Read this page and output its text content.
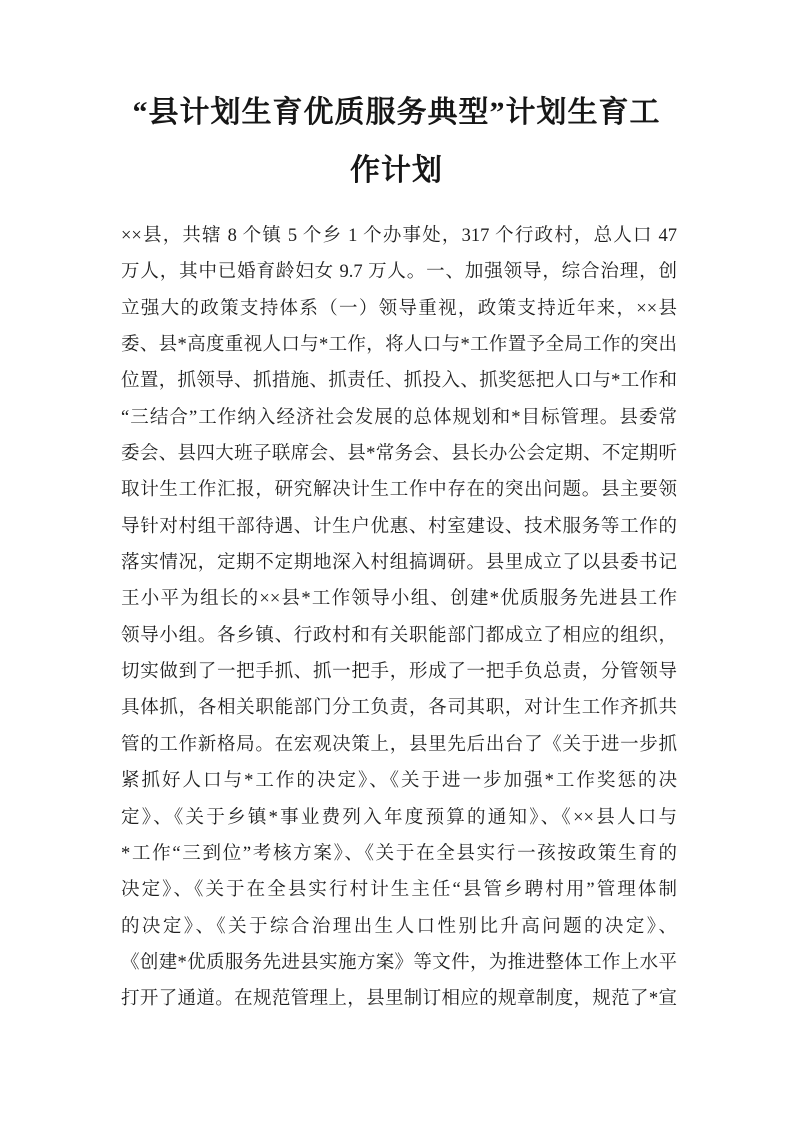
“县计划生育优质服务典型”计划生育工
作计划
××县，共辖 8 个镇 5 个乡 1 个办事处，317 个行政村，总人口 47
万人，其中已婚育龄妇女 9.7 万人。一、加强领导，综合治理，创
立强大的政策支持体系（一）领导重视，政策支持近年来，××县
委、县*高度重视人口与*工作，将人口与*工作置予全局工作的突出
位置，抓领导、抓措施、抓责任、抓投入、抓奖惩把人口与*工作和
“三结合”工作纳入经济社会发展的总体规划和*目标管理。县委常
委会、县四大班子联席会、县*常务会、县长办公会定期、不定期听
取计生工作汇报，研究解决计生工作中存在的突出问题。县主要领
导针对村组干部待遇、计生户优惠、村室建设、技术服务等工作的
落实情况，定期不定期地深入村组搞调研。县里成立了以县委书记
王小平为组长的××县*工作领导小组、创建*优质服务先进县工作
领导小组。各乡镇、行政村和有关职能部门都成立了相应的组织，
切实做到了一把手抓、抓一把手，形成了一把手负总责，分管领导
具体抓，各相关职能部门分工负责，各司其职，对计生工作齐抓共
管的工作新格局。在宏观决策上，县里先后出台了《关于进一步抓
紧抓好人口与*工作的决定》、《关于进一步加强*工作奖惩的决
定》、《关于乡镇*事业费列入年度预算的通知》、《××县人口与
*工作“三到位”考核方案》、《关于在全县实行一孩按政策生育的
决定》、《关于在全县实行村计生主任“县管乡聘村用”管理体制
的决定》、《关于综合治理出生人口性别比升高问题的决定》、
《创建*优质服务先进县实施方案》等文件，为推进整体工作上水平
打开了通道。在规范管理上，县里制订相应的规章制度，规范了*宣
